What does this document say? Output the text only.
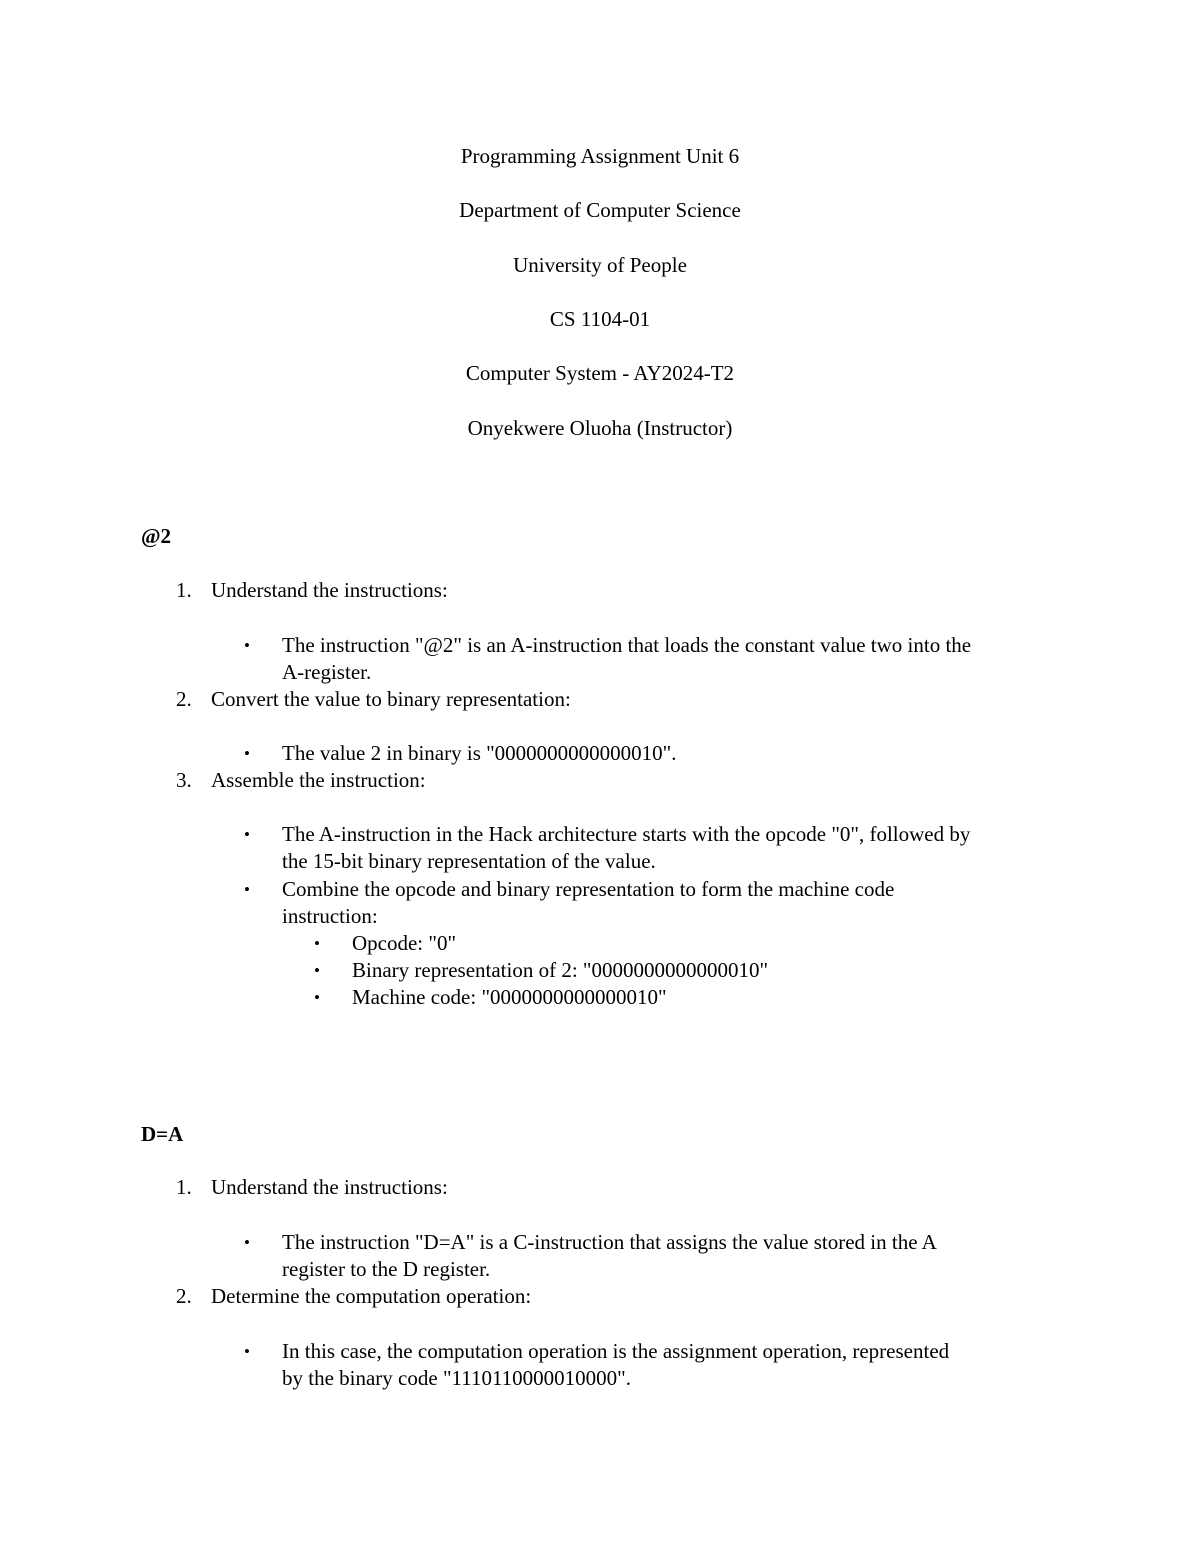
Programming Assignment Unit 6

Department of Computer Science

University of People

CS 1104-01

Computer System - AY2024-T2

Onyekwere Oluoha (Instructor)

@2

1. Understand the instructions:
• The instruction "@2" is an A-instruction that loads the constant value two into the
A-register.
2. Convert the value to binary representation:
• The value 2 in binary is "0000000000000010".
3. Assemble the instruction:
• The A-instruction in the Hack architecture starts with the opcode "0", followed by
the 15-bit binary representation of the value.
• Combine the opcode and binary representation to form the machine code
instruction:
• Opcode: "0"
• Binary representation of 2: "0000000000000010"
• Machine code: "0000000000000010"

D=A

1. Understand the instructions:
• The instruction "D=A" is a C-instruction that assigns the value stored in the A
register to the D register.
2. Determine the computation operation:
• In this case, the computation operation is the assignment operation, represented
by the binary code "1110110000010000".
